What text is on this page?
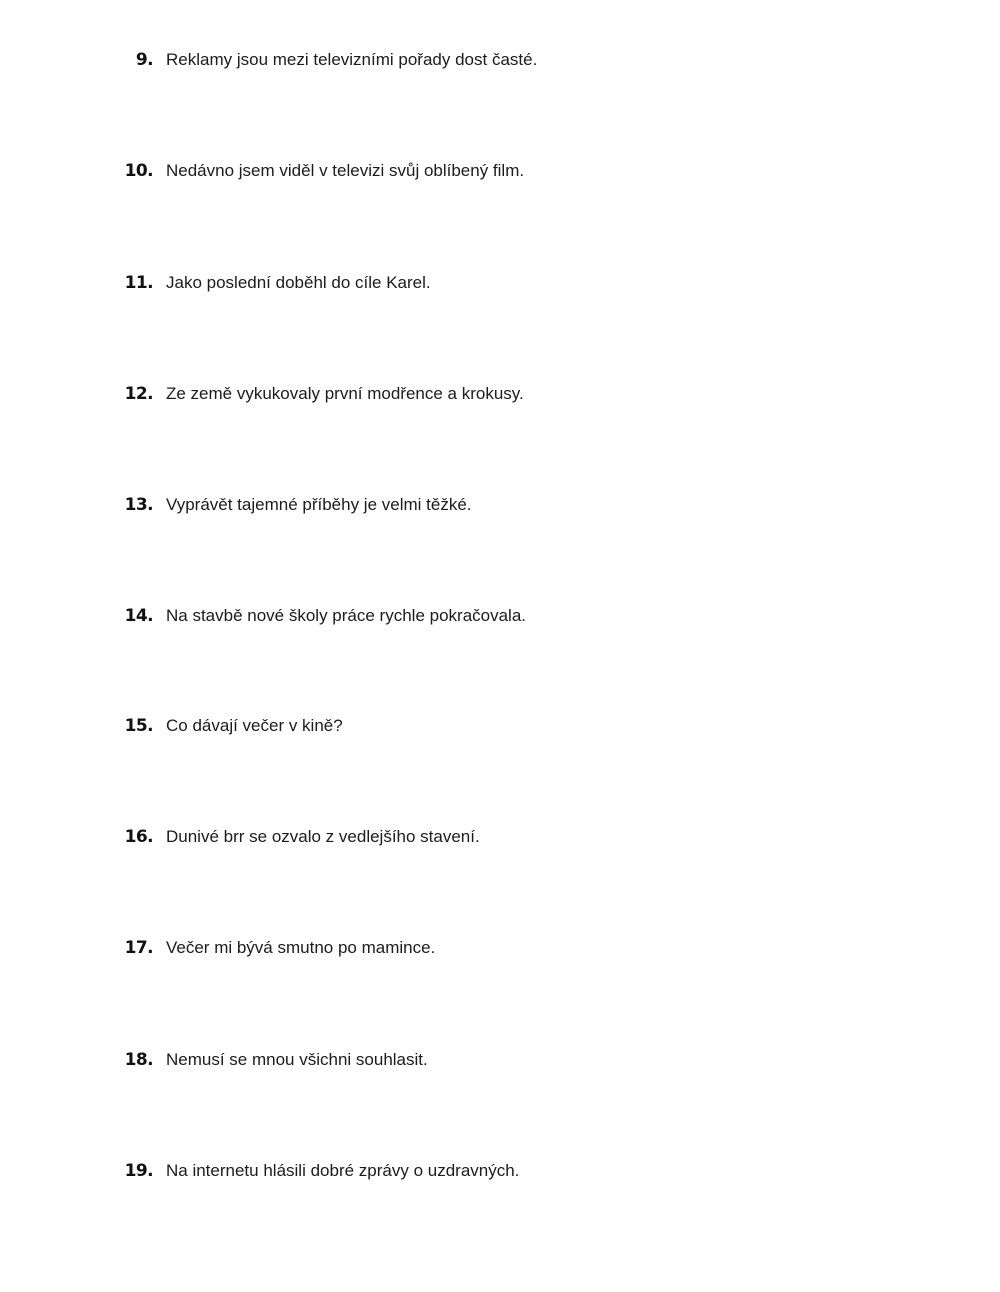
9. Reklamy jsou mezi televizními pořady dost časté.
10. Nedávno jsem viděl v televizi svůj oblíbený film.
11. Jako poslední doběhl do cíle Karel.
12. Ze země vykukovaly první modřence a krokusy.
13. Vyprávět tajemné příběhy je velmi těžké.
14. Na stavbě nové školy práce rychle pokračovala.
15. Co dávají večer v kině?
16. Dunivé brr se ozvalo z vedlejšího stavení.
17. Večer mi bývá smutno po mamince.
18. Nemusí se mnou všichni souhlasit.
19. Na internetu hlásili dobré zprávy o uzdravných.
